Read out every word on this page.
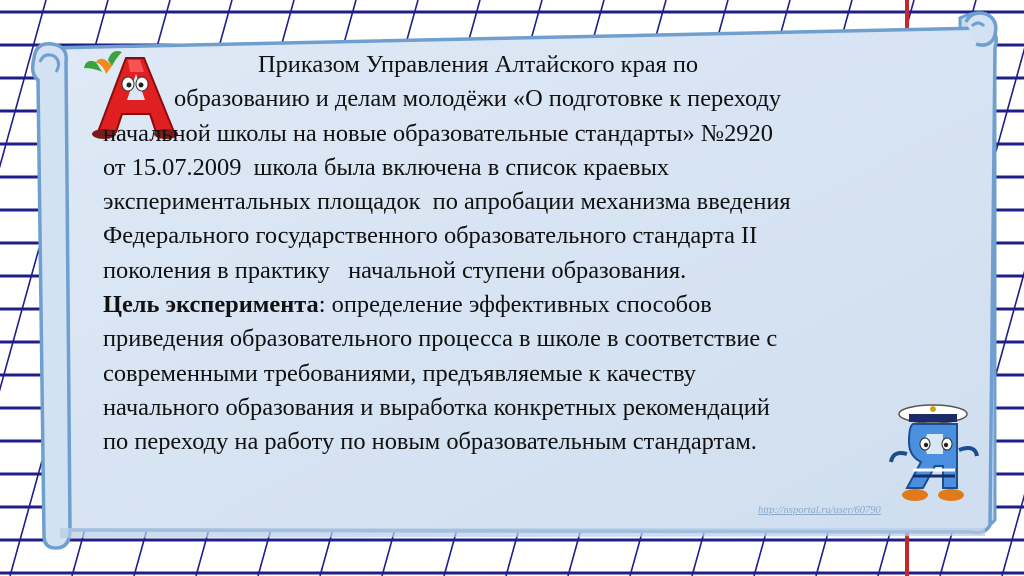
Приказом Управления Алтайского края по
образованию и делам молодёжи «О подготовке к переходу
начальной школы на новые образовательные стандарты» №2920
от 15.07.2009  школа была включена в список краевых
экспериментальных площадок  по апробации механизма введения
Федерального государственного образовательного стандарта II
поколения в практику   начальной ступени образования.
Цель эксперимента: определение эффективных способов
приведения образовательного процесса в школе в соответствие с
современными требованиями, предъявляемые к качеству
начального образования и выработка конкретных рекомендаций
по переходу на работу по новым образовательным стандартам.
http://nsportal.ru/user/60790
